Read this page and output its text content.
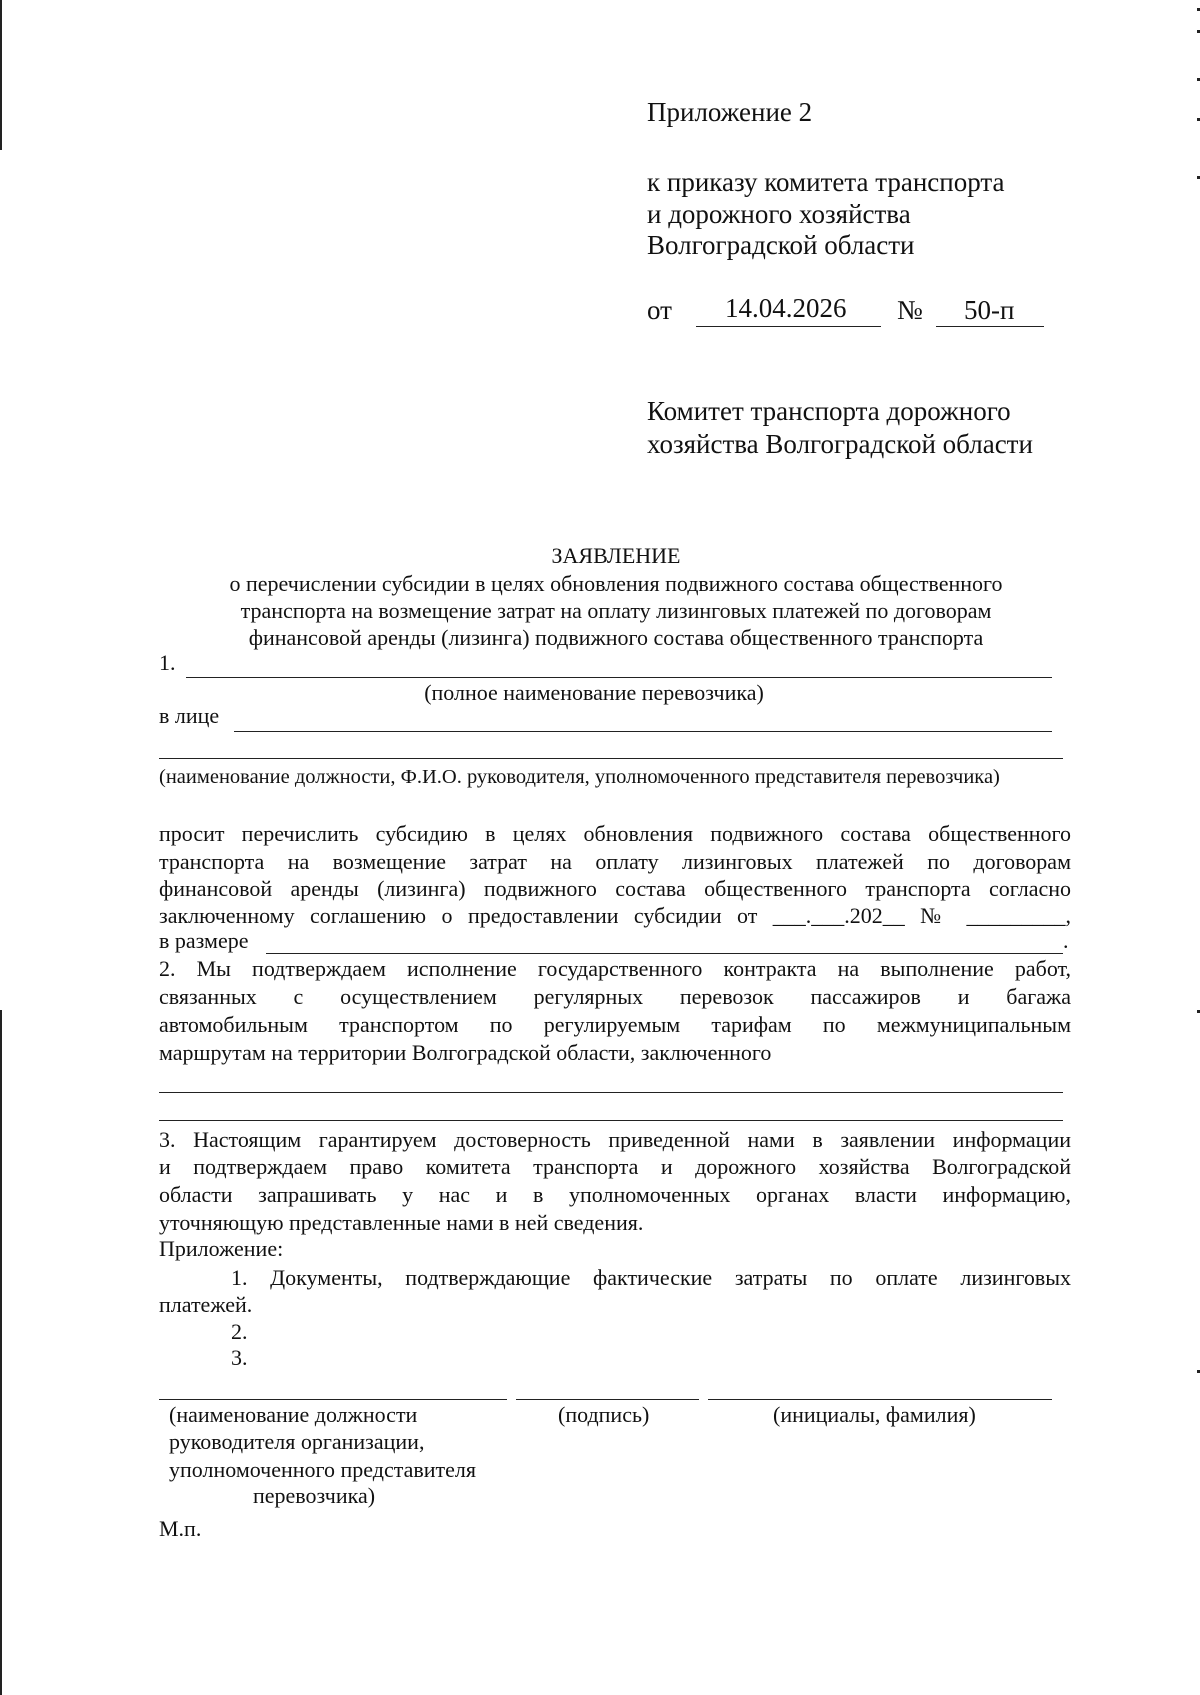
Приложение 2
к приказу комитета транспорта
и дорожного хозяйства
Волгоградской области
от 14.04.2026 № 50-п
Комитет транспорта дорожного
хозяйства Волгоградской области
ЗАЯВЛЕНИЕ
о перечислении субсидии в целях обновления подвижного состава общественного
транспорта на возмещение затрат на оплату лизинговых платежей по договорам
финансовой аренды (лизинга) подвижного состава общественного транспорта
1.
(полное наименование перевозчика)
в лице
(наименование должности, Ф.И.О. руководителя, уполномоченного представителя перевозчика)
просит перечислить субсидию в целях обновления подвижного состава общественного
транспорта на возмещение затрат на оплату лизинговых платежей по договорам
финансовой аренды (лизинга) подвижного состава общественного транспорта согласно
заключенному соглашению о предоставлении субсидии от ___.___.202__ № _________,
в размере	.
2. Мы подтверждаем исполнение государственного контракта на выполнение работ,
связанных с осуществлением регулярных перевозок пассажиров и багажа
автомобильным транспортом по регулируемым тарифам по межмуниципальным
маршрутам на территории Волгоградской области, заключенного
3. Настоящим гарантируем достоверность приведенной нами в заявлении информации
и подтверждаем право комитета транспорта и дорожного хозяйства Волгоградской
области запрашивать у нас и в уполномоченных органах власти информацию,
уточняющую представленные нами в ней сведения.
Приложение:
1. Документы, подтверждающие фактические затраты по оплате лизинговых
платежей.
2.
3.
(наименование должности
руководителя организации,
уполномоченного представителя
перевозчика)
(подпись)	(инициалы, фамилия)
М.п.
